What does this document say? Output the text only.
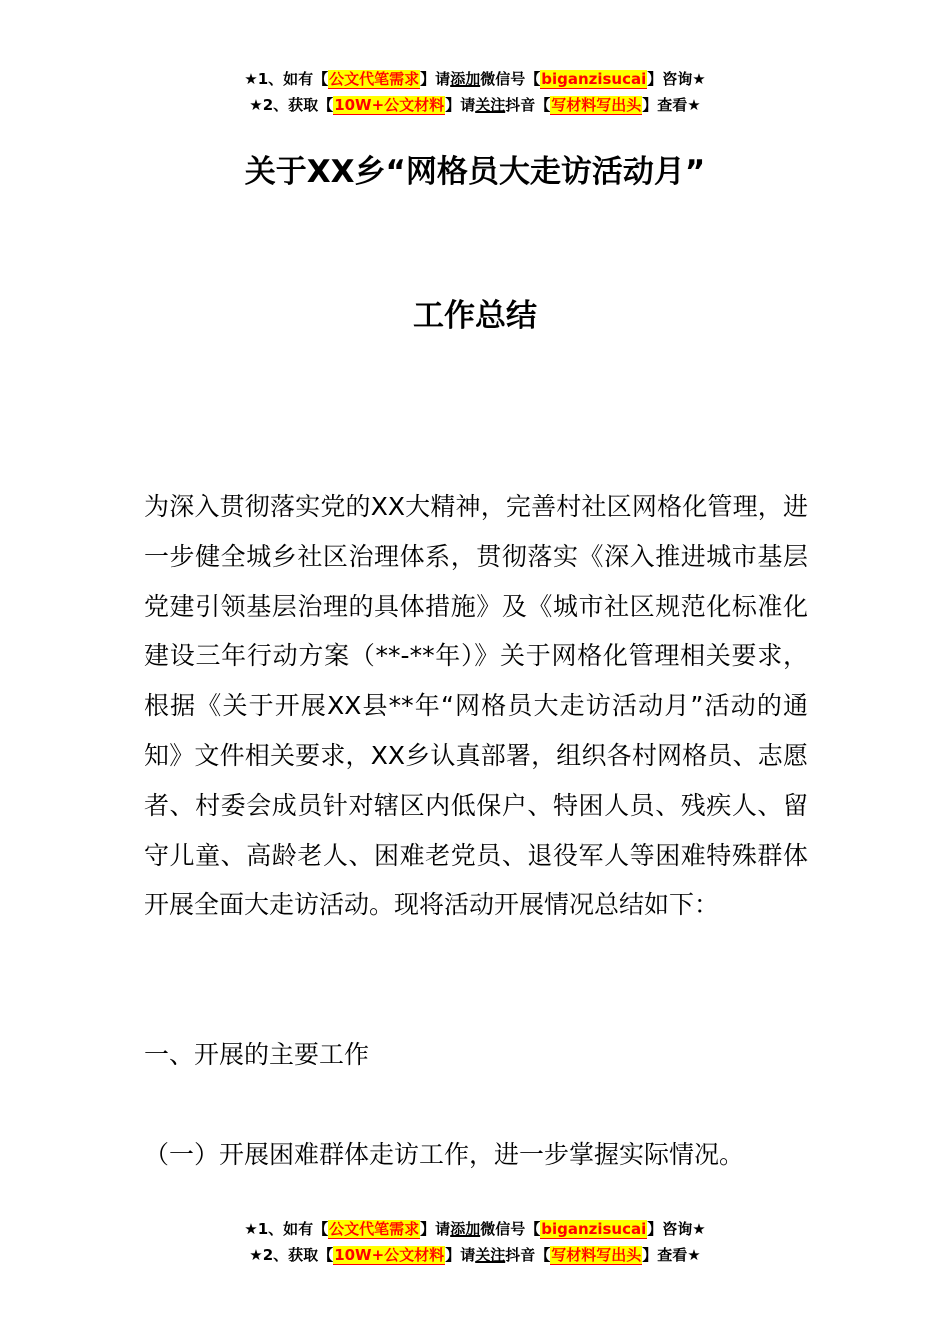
★1、如有【公文代笔需求】请添加微信号【biganzisucai】咨询★
★2、获取【10W+公文材料】请关注抖音【写材料写出头】查看★
关于XX乡“网格员大走访活动月”
工作总结
为深入贯彻落实党的XX大精神，完善村社区网格化管理，进一步健全城乡社区治理体系，贯彻落实《深入推进城市基层党建引领基层治理的具体措施》及《城市社区规范化标准化建设三年行动方案（**-**年）》关于网格化管理相关要求，根据《关于开展XX县**年“网格员大走访活动月”活动的通知》文件相关要求，XX乡认真部署，组织各村网格员、志愿者、村委会成员针对辖区内低保户、特困人员、残疾人、留守儿童、高龄老人、困难老党员、退役军人等困难特殊群体开展全面大走访活动。现将活动开展情况总结如下：
一、开展的主要工作
（一）开展困难群体走访工作，进一步掌握实际情况。
★1、如有【公文代笔需求】请添加微信号【biganzisucai】咨询★
★2、获取【10W+公文材料】请关注抖音【写材料写出头】查看★
